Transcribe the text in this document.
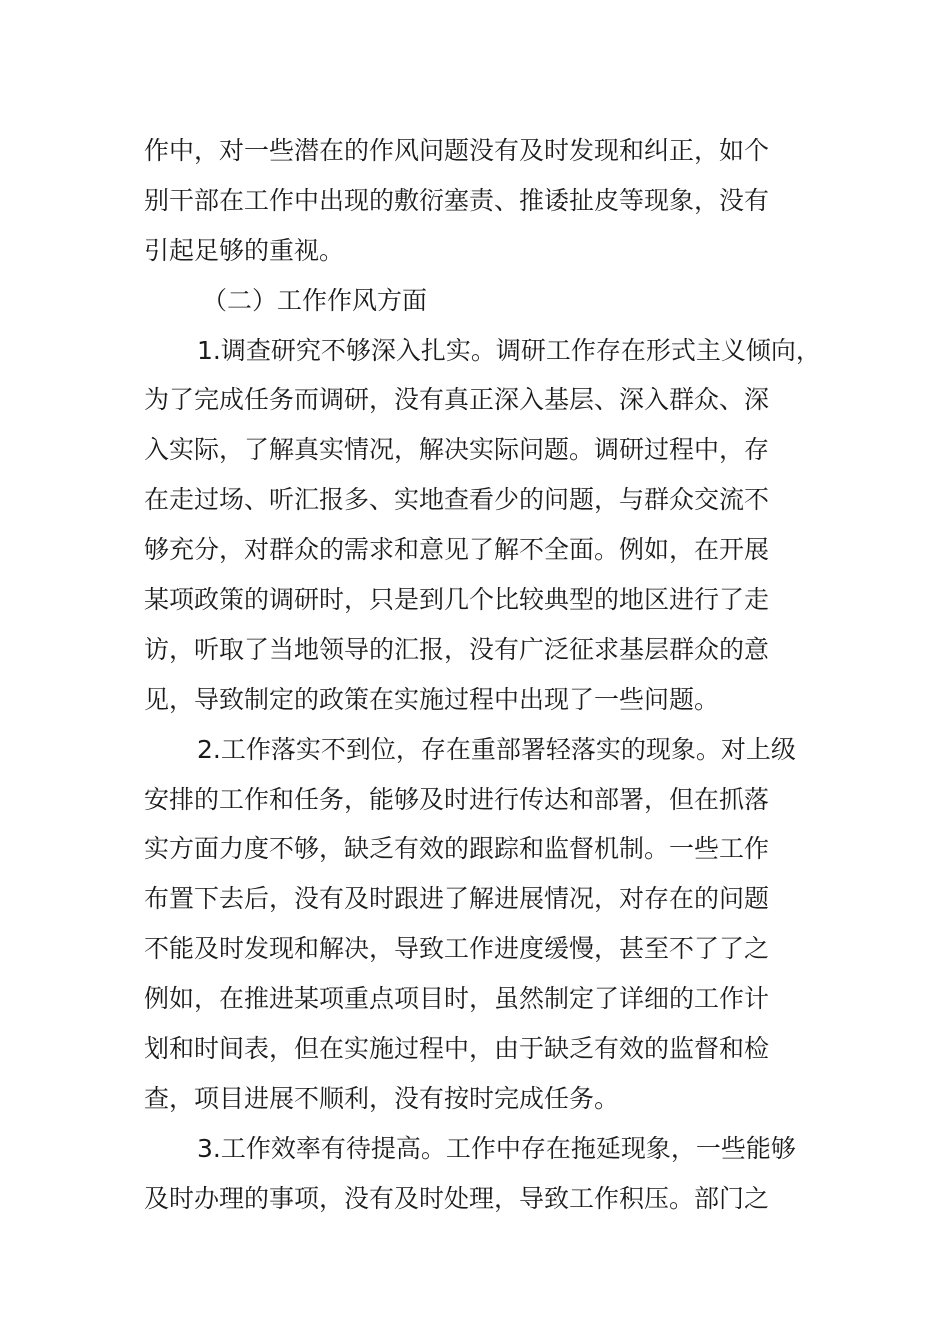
作中，对一些潜在的作风问题没有及时发现和纠正，如个
别干部在工作中出现的敷衍塞责、推诿扯皮等现象，没有
引起足够的重视。
（二）工作作风方面
1.调查研究不够深入扎实。调研工作存在形式主义倾向，
为了完成任务而调研，没有真正深入基层、深入群众、深
入实际，了解真实情况，解决实际问题。调研过程中，存
在走过场、听汇报多、实地查看少的问题，与群众交流不
够充分，对群众的需求和意见了解不全面。例如，在开展
某项政策的调研时，只是到几个比较典型的地区进行了走
访，听取了当地领导的汇报，没有广泛征求基层群众的意
见，导致制定的政策在实施过程中出现了一些问题。
2.工作落实不到位，存在重部署轻落实的现象。对上级
安排的工作和任务，能够及时进行传达和部署，但在抓落
实方面力度不够，缺乏有效的跟踪和监督机制。一些工作
布置下去后，没有及时跟进了解进展情况，对存在的问题
不能及时发现和解决，导致工作进度缓慢，甚至不了了之
例如，在推进某项重点项目时，虽然制定了详细的工作计
划和时间表，但在实施过程中，由于缺乏有效的监督和检
查，项目进展不顺利，没有按时完成任务。
3.工作效率有待提高。工作中存在拖延现象，一些能够
及时办理的事项，没有及时处理，导致工作积压。部门之
